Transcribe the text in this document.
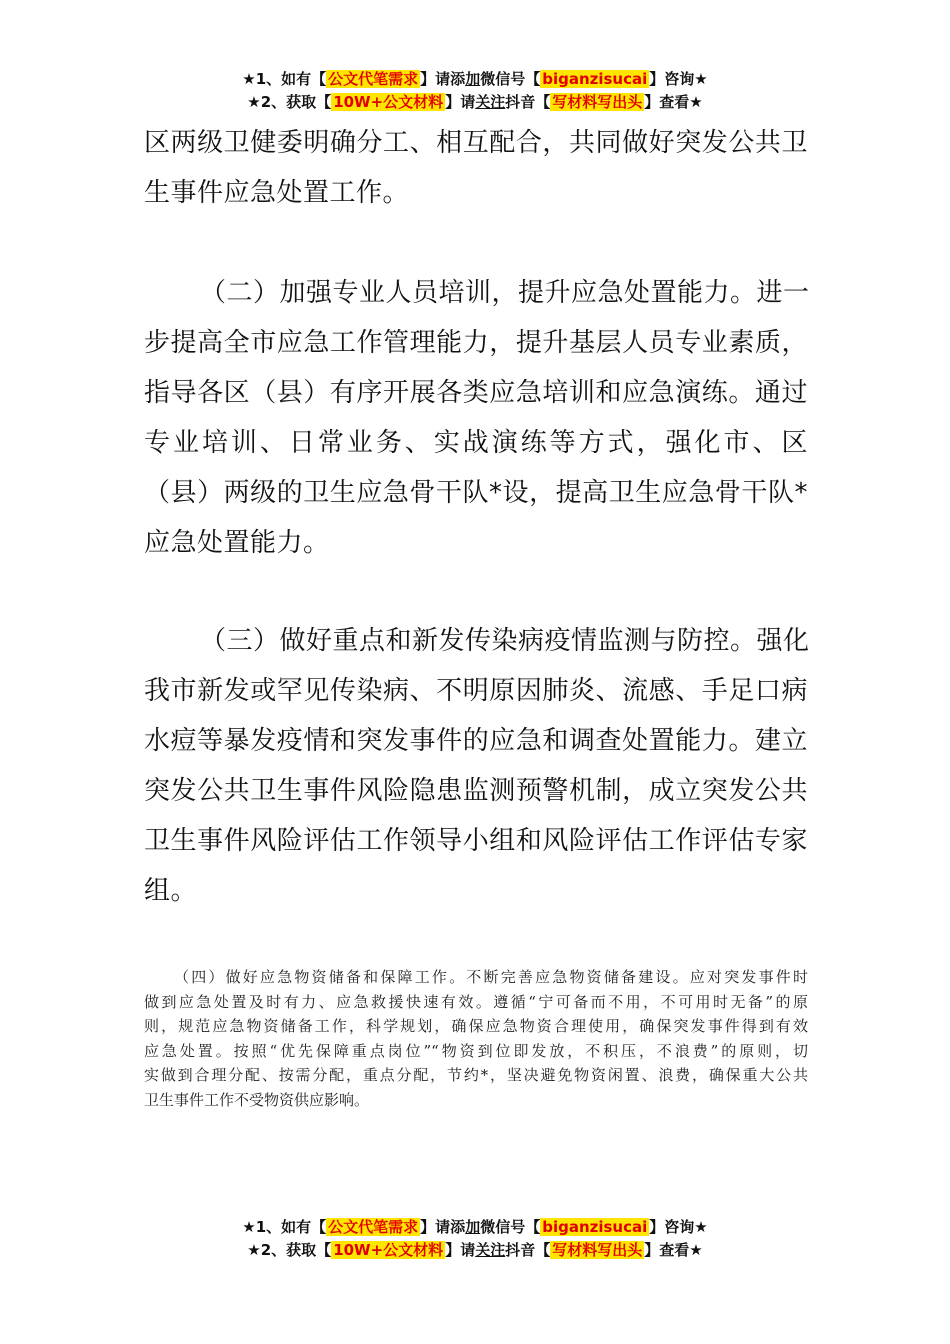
★1、如有【 公文代笔需求 】请添加微信号【 biganzisucai 】咨询★
★2、获取【 10W+公文材料 】请关注抖音【 写材料写出头 】查看★
区两级卫健委明确分工、相互配合，共同做好突发公共卫
生事件应急处置工作。
（二）加强专业人员培训，提升应急处置能力。进一
步提高全市应急工作管理能力，提升基层人员专业素质，
指导各区（县）有序开展各类应急培训和应急演练。通过
专业培训、日常业务、实战演练等方式，强化市、区
（县）两级的卫生应急骨干队*设，提高卫生应急骨干队*
应急处置能力。
（三）做好重点和新发传染病疫情监测与防控。强化
我市新发或罕见传染病、不明原因肺炎、流感、手足口病
水痘等暴发疫情和突发事件的应急和调查处置能力。建立
突发公共卫生事件风险隐患监测预警机制，成立突发公共
卫生事件风险评估工作领导小组和风险评估工作评估专家
组。
（四）做好应急物资储备和保障工作。不断完善应急物资储备建设。应对突发事件时
做到应急处置及时有力、应急救援快速有效。遵循“宁可备而不用，不可用时无备”的原
则，规范应急物资储备工作，科学规划，确保应急物资合理使用，确保突发事件得到有效
应急处置。按照“优先保障重点岗位”“物资到位即发放，不积压，不浪费”的原则，切
实做到合理分配、按需分配，重点分配，节约*，坚决避免物资闲置、浪费，确保重大公共
卫生事件工作不受物资供应影响。
★1、如有【 公文代笔需求 】请添加微信号【 biganzisucai 】咨询★
★2、获取【 10W+公文材料 】请关注抖音【 写材料写出头 】查看★
